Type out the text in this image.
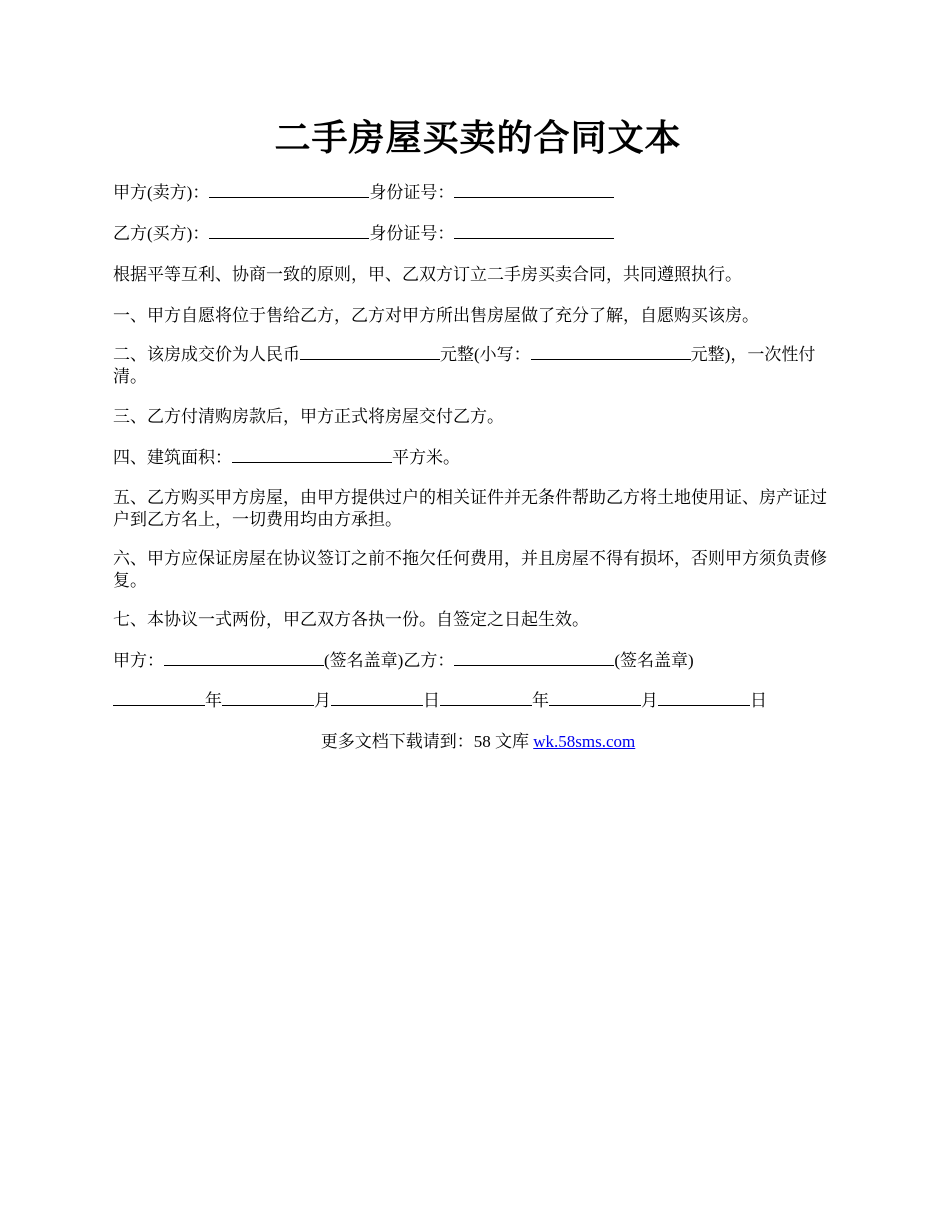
二手房屋买卖的合同文本
甲方(卖方)：	身份证号：
乙方(买方)：	身份证号：
根据平等互利、协商一致的原则，甲、乙双方订立二手房买卖合同，共同遵照执行。
一、甲方自愿将位于售给乙方，乙方对甲方所出售房屋做了充分了解，自愿购买该房。
二、该房成交价为人民币	元整(小写：	元整)，一次性付清。
三、乙方付清购房款后，甲方正式将房屋交付乙方。
四、建筑面积：	平方米。
五、乙方购买甲方房屋，由甲方提供过户的相关证件并无条件帮助乙方将土地使用证、房产证过户到乙方名上，一切费用均由方承担。
六、甲方应保证房屋在协议签订之前不拖欠任何费用，并且房屋不得有损坏，否则甲方须负责修复。
七、本协议一式两份，甲乙双方各执一份。自签定之日起生效。
甲方：	(签名盖章)乙方：	(签名盖章)
年	月	日	年	月	日
更多文档下载请到：58 文库 wk.58sms.com
